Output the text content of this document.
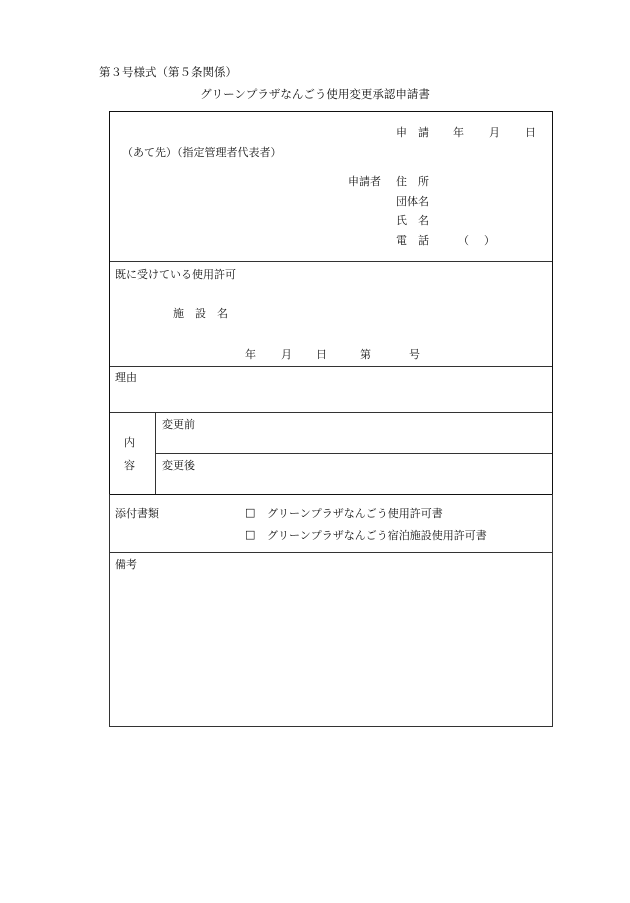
第３号様式（第５条関係）
グリーンプラザなんごう使用変更承認申請書
申　請 年 月 日
（あて先）（指定管理者代表者）
申請者 住　所
団体名
氏　名
電　話	（ ）
既に受けている使用許可
施　設　名
年 月 日	第	号
理由
内
容
変更前
変更後
添付書類	□ グリーンプラザなんごう使用許可書
□ グリーンプラザなんごう宿泊施設使用許可書
備考
